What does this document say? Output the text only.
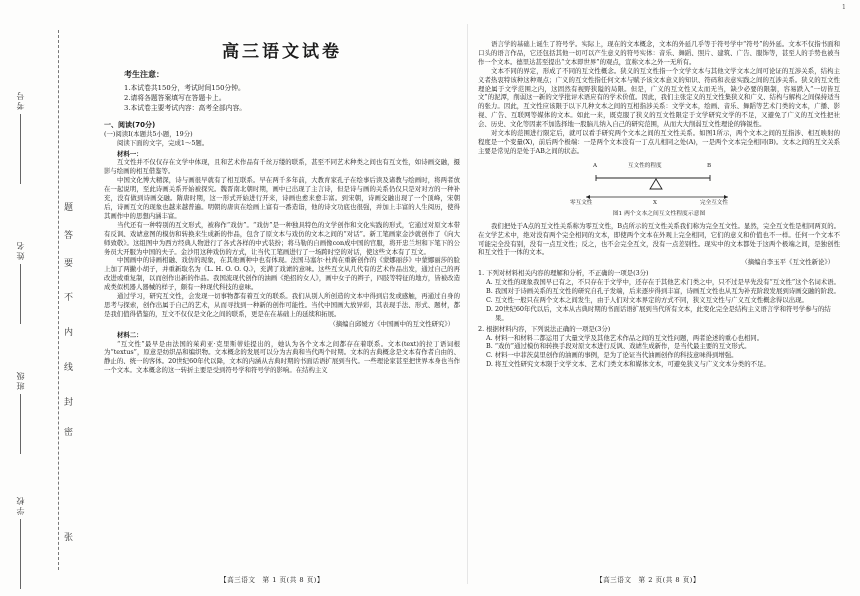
学校
班级
姓名
考号
张
题
答
要
不
内
线
封
密
1
高三语文试卷
考生注意：
1.本试卷共150分，考试时间150分钟。
2.请将各题答案填写在答题卡上。
3.本试卷主要考试内容：高考全部内容。
一、阅读(70分)
(一)阅读Ⅰ(本题共5小题，19分)
阅读下面的文字，完成1～5题。
材料一：

互文性并不仅仅存在文学中体现，且和艺术作品有千丝万缕的联系，甚至不同艺术种类之间也有互文性，如诗画交融，摄影与绘画的相互借鉴等。

中国文化博大精深，诗与画很早就有了相互联系。早在两千多年前，大教育家孔子在绘事后读及诸教与绘画时，将两者放在一起说明，至此诗画关系开始被探究。魏晋南北朝时期，画中已出现了主言诗，但是诗与画的关系仍仅只是对对方的一种补充，没有做到诗画交融。隋唐时期，这一形式开始进行开来，诗画也愈来愈丰富。到宋朝，诗画交融出现了一个顶峰，宋朝后，诗画互文的现象也越来越普遍。明朝的唐寅在绘画上富有一番造诣，他的诗文功底也很强，并加上丰富的人生阅历，使得其画作中的思想内涵丰富。

当代还有一种特别的互文形式，被称作“戏仿”。“戏仿”是一种独具特色的文学创作和文化实践的形式，它通过对原文本带有反讽、戏谑意图的模仿和转换来生成新的作品，包含了原文本与戏仿的文本之间的“对话”。新工笔画家金沙就创作了《向大师致敬》。这组图中为西方经典人物进行了各式各样的中式装扮；将马勒的自画像con成中国的官服，将开忠兰坦和下笔下的公务员大开服为中国的夫子。金沙用这种戏仿的方式，让当代工笔画进行了一场跨时空的对话，使这些文本有了互文。

中国画中的诗画相融、戏仿的现象，在其他画种中也有体现。法国马塞尔·杜尚在重新创作的《蒙娜丽莎》中蒙娜丽莎的脸上加了两撇小胡子，并重新取名为《L. H. O. O. Q.》，充满了戏谑的意味。这些互文从几代有的艺术作品出发，通过自己的再改进或重复制，以而创作出新的作品。我国流现代创作的油画《绝招的女人》，画中女子的辫子，四肢等特征的地方，皆被改造成类似机器人器械的样子，颇有一种现代科技的意味。

通过学习，研究互文性，会发现一切事物都有着互文的联系。我们从别人所创造的文本中得到启发或感触，再通过自身的思考与探索，创作出属于自己的艺术，从而寻找到一种新的创作可能性。当代中国画大放异彩，其表现手法、形式、题材，都是我们值得借鉴的，互文不仅仅是文化之间的联系，更是在在基础上的延续和拓展。

（摘编自邱媛方《中国画中的互文性研究》）
材料二：

“互文性”最早是由法国的茱莉亚·克里斯蒂娃提出的，她认为各个文本之间都存在着联系。文本(text)的拉丁语词根为“textus”，原意是纺织品和编织物。文本概念的发展可以分为古典和当代两个时期。文本的古典概念是文本有作者自由的、静止的、统一的客体。20世纪60年代以降，文本的内涵从古典时期的书面话语扩展到当代。一些理论家甚至把世界本身也当作一个文本。文本概念的这一转折主要是受到符号学和符号学的影响。在结构主义

语言学的基础上诞生了符号学。实际上，现在的文本概念，文本的外延几乎等于符号学中“符号”的外延。文本不仅指书面和口头的语言作品，它还包括其他一切可以产生意义的符号实体：音乐、舞蹈、照片、建筑、广告、服饰等，甚至人的手势也被当作一个文本。德里达甚至提出“文本即世界”的观点，宣称文本之外一无所有。

文本不同的界定，形成了不同的互文性概念。狭义的互文性指一个文学文本与其他文学文本之间可论证的互涉关系，结构主义者热衷特该种这种观点；广义的互文性指任何文本与赋予该文本意义的知识、符码和表意实践之间的互涉关系。狭义的互文性理论属于文学范围之内，这固然有视野狭隘的局限。但是，广义的互文性又太而无当，缺少必要的限制，容易跌入“一切皆互文”的泥潭，削弱这一新的文学批评术语应有的学术价值。因此，我们主张定义的互文性集狭义和广义、结构与解构之间保持适当的张力。因此，互文性应该限于以下几种文本之间的互相指涉关系：文学文本，绘画、音乐、舞蹈等艺术门类的文本，广播、影视、广告、互联网等媒体的文本。如此一来，既克服了狭义的互文性限定于文学研究文学的不足，又避免了广义的互文性把社会、历史、文化等因素不加选择地一股脑儿纳入自己的研究范围，从而大大削弱互文性理论的锋锐性。

对文本的范围进行限定后，就可以看手研究两个文本之间的互文性关系。如图1所示，两个文本之间的互指涉、相互映射的程度是一个变量(X)，前后两个极端：一是两个文本没有一丁点儿相同之处(A)，一是两个文本完全相同(B)。文本之间的互文关系主要是常见的是处于AB之间的状态。

A	B
互文性的程度
X
零互文性	完全互文性
图1 两个文本之间互文性程度示意图

我们把处于A点的互文性关系称为零互文性，B点所示的互文性关系我们称为完全互文性。显然，完全互文性是相同两页的。在文学艺术中，绝对没有两个完全相同的文本，即使两个文本在外观上完全相同，它们的意义和价值也不一样。任何一个文本不可能完全没有别，没有一点互文性；反之，也不会完全互文，没有一点差别性。现实中的文本都处于这两个极端之间，是独创性和互文性于一体的文本。

（摘编自李玉平《互文性新论》）
1. 下列对材料相关内容的理解和分析，不正确的一项是(3分)
A. 互文性的现象我国早已有之，不只存在于文学中，还存在于其他艺术门类之中，只不过是早先没有“互文性”这个名词术语。
B. 我国对于诗画关系的互文性的研究自孔子发端，后来逐步得到丰富，诗画互文性也从互为补充阶段发展到诗画交融的阶段。
C. 互文性一般只在两个文本之间发生，由于人们对文本界定的方式不同，狭义互文性与广义互文性概念得以出现。
D. 20世纪60年代以后，文本从古典时期的书面话语扩展到当代所有文本，此变化完全是结构主义语言学和符号学参与的结果。
2. 根据材料内容，下列说法正确的一项是(3分)
A. 材料一和材料二都运用了大量文学及其他艺术作品之间的互文性问题，两者论述的重心也相同。
B. “戏仿”通过模仿和转换手段对原文本进行反讽、戏谑生成新作，是当代最主要的互文形式。
C. 材料一中菲茨莫里创作的油画的事例，是为了论证当代油画创作的科技意味得到增强。
D. 将互文性研究文本限于文学文本、艺术门类文本和媒体文本，可避免狭义与广义文本分类的不足。
【高三语文　第 1 页(共 8 页)】	【高三语文　第 2 页(共 8 页)】
